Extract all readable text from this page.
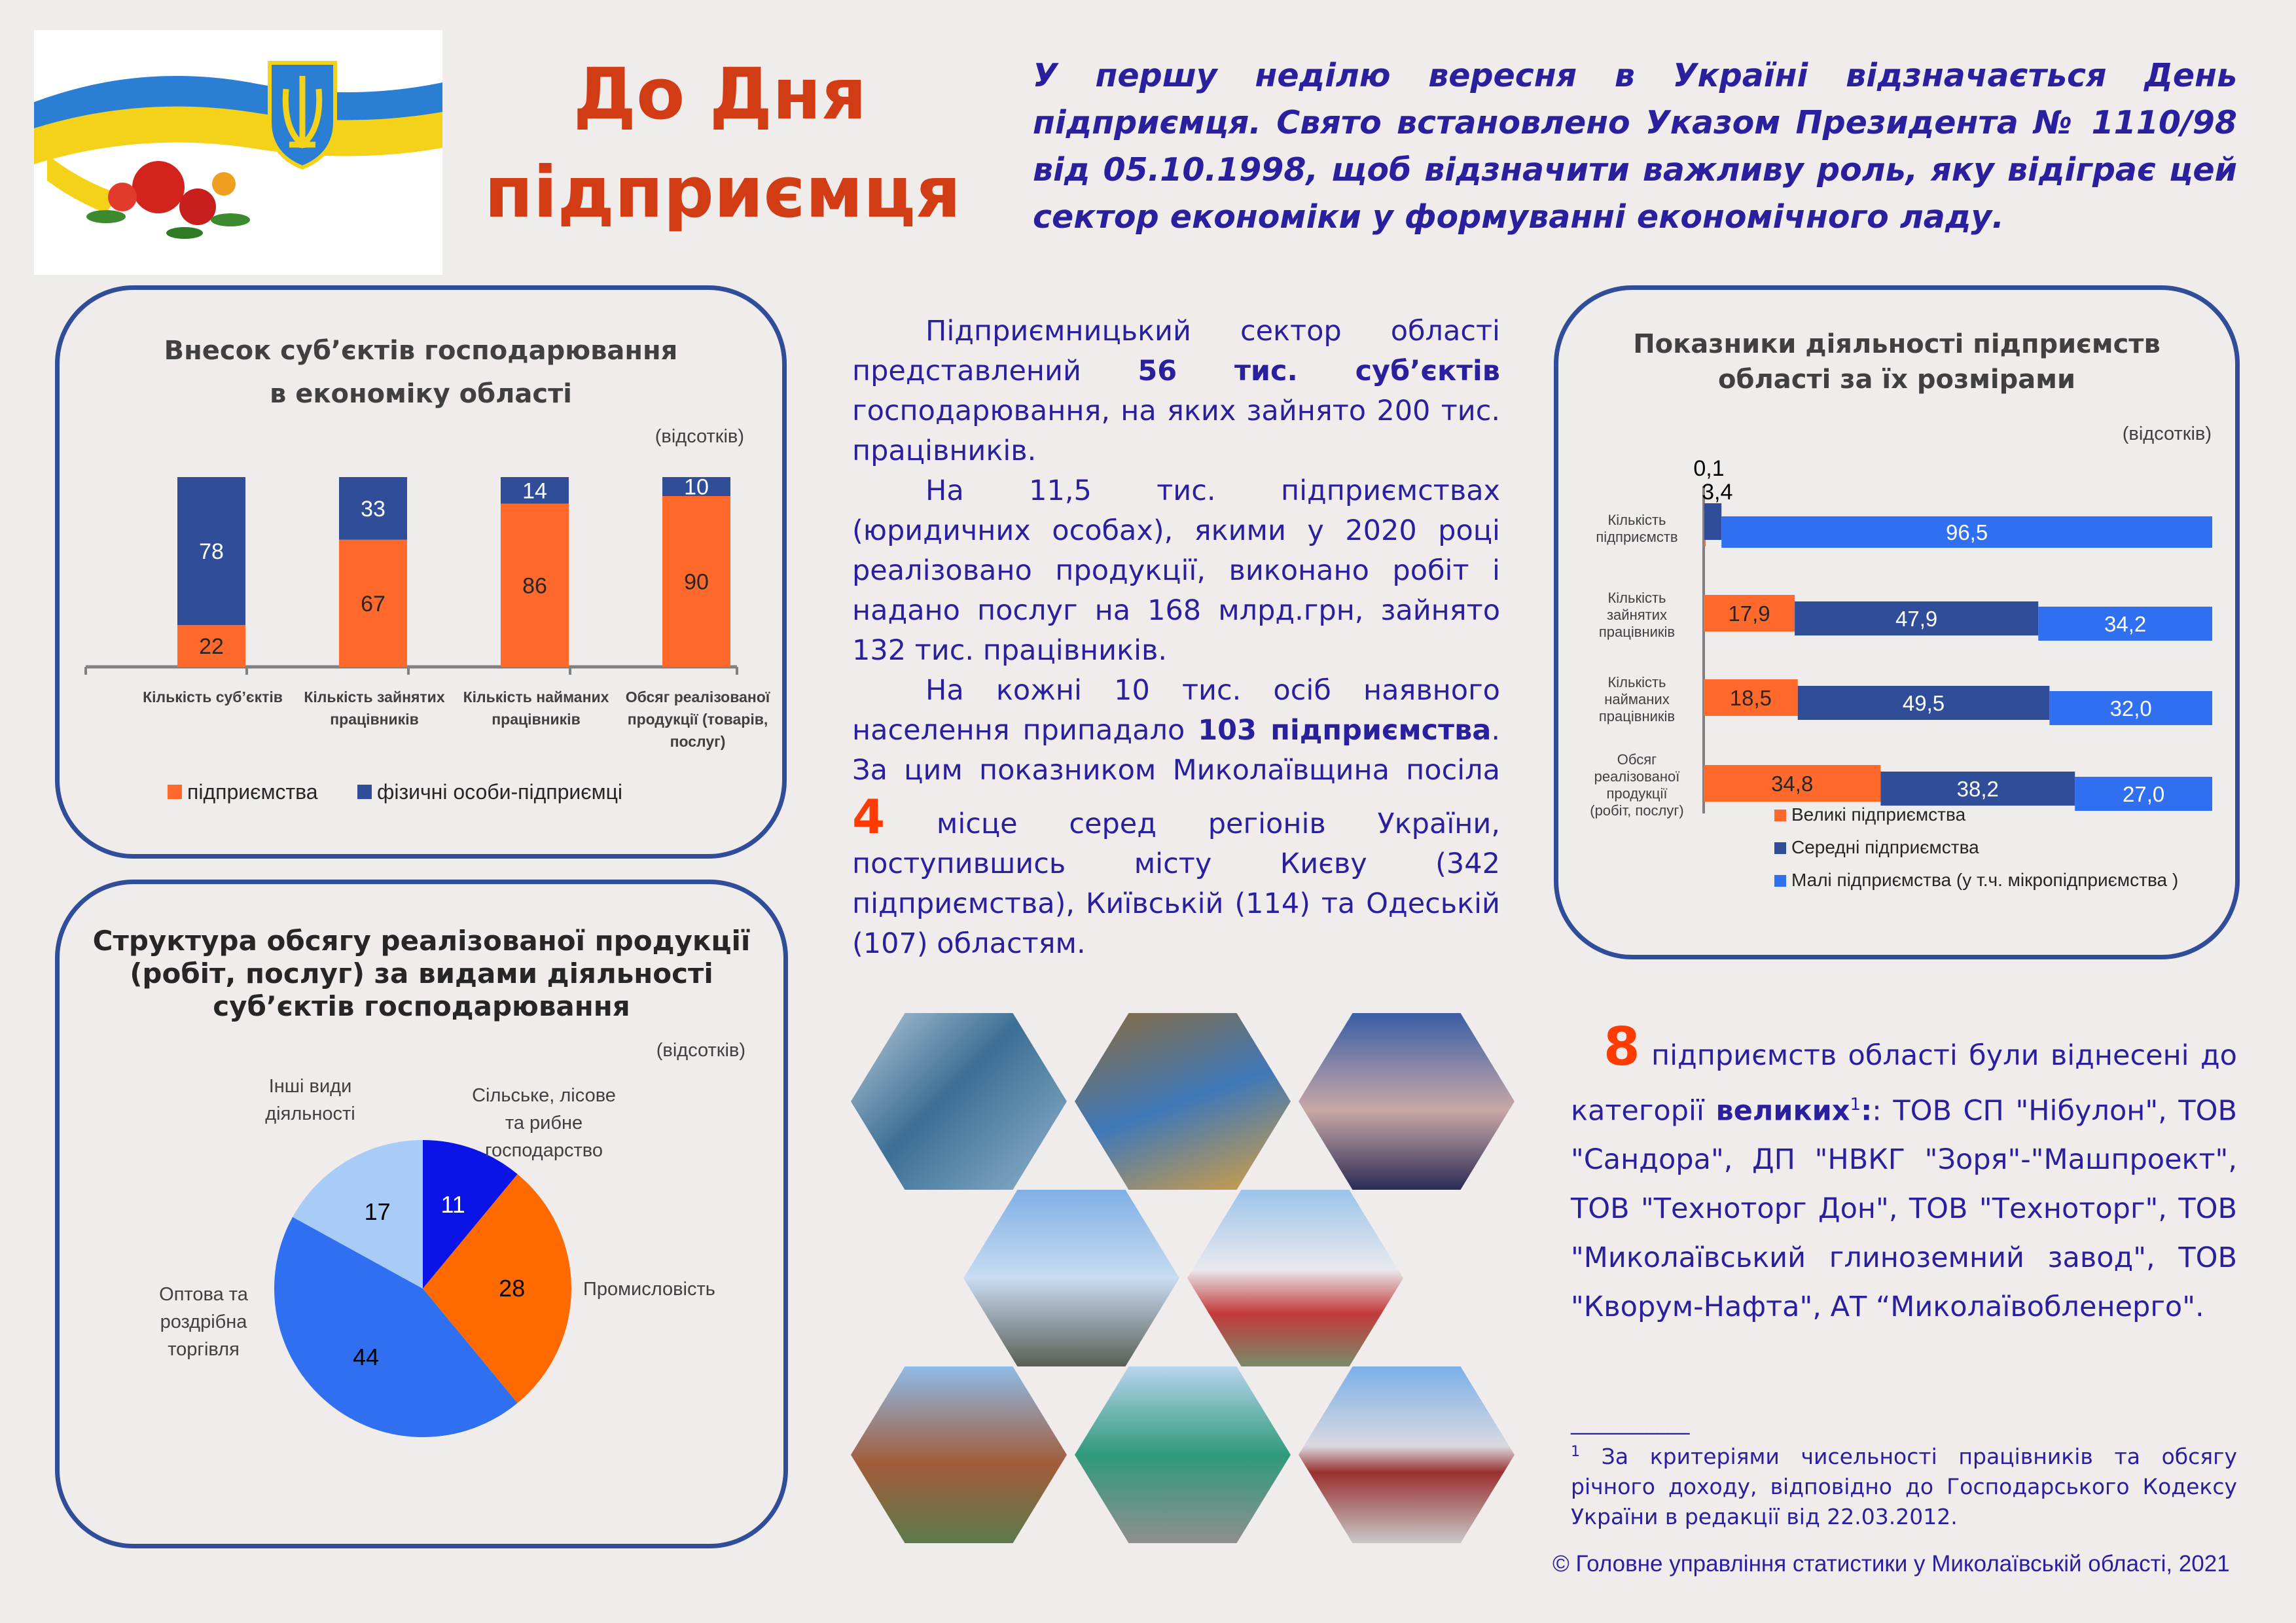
До Дня
підприємця
У першу неділю вересня в Україні відзначається День підприємця. Свято встановлено Указом Президента № 1110/98 від 05.10.1998, щоб відзначити важливу роль, яку відіграє цей сектор економіки у формуванні економічного ладу.
Внесок суб’єктів господарювання
в економіку області
(відсотків)
22
78
Кількість суб’єктів
67
33
Кількість зайнятих
працівників
86
14
Кількість найманих
працівників
90
10
Обсяг реалізованої
продукції (товарів,
послуг)
підприємства	фізичні особи-підприємці
Показники діяльності підприємств
області за їх розмірами
(відсотків)
Кількість
підприємств
0,1
3,4
96,5
Кількість
зайнятих
працівників
17,9	47,9	34,2
Кількість
найманих
працівників
18,5	49,5	32,0
Обсяг
реалізованої
продукції
(робіт, послуг)
34,8	38,2	27,0
Великі підприємства
Середні підприємства
Малі підприємства (у т.ч. мікропідприємства )
Структура обсягу реалізованої продукції
(робіт, послуг) за видами діяльності
суб’єктів господарювання
(відсотків)
11
Сільське, лісове
та рибне
господарство
28	Промисловість
44
Оптова та
роздрібна
торгівля
17
Інші види
діяльності

Підприємницький сектор області представлений 56 тис. суб’єктів господарювання, на яких зайнято 200 тис. працівників.

На 11,5 тис. підприємствах (юридичних особах), якими у 2020 році реалізовано продукції, виконано робіт і надано послуг на 168 млрд.грн, зайнято 132 тис. працівників.

На кожні 10 тис. осіб наявного населення припадало 103 підприємства. За цим показником Миколаївщина посіла 4 місце серед регіонів України, поступившись місту Києву (342 підприємства), Київській (114) та Одеській (107) областям.

8 підприємств області були віднесені до категорії великих$^1$:: ТОВ СП "Нібулон", ТОВ "Сандора", ДП "НВКГ "Зоря"-"Машпроект", ТОВ "Техноторг Дон", ТОВ "Техноторг", ТОВ "Миколаївський глиноземний завод", ТОВ "Кворум-Нафта", АТ “Миколаївобленерго".

___________
$^1$ За критеріями чисельності працівників та обсягу річного доходу, відповідно до Господарського Кодексу України в редакції від 22.03.2012.
© Головне управління статистики у Миколаївській області, 2021
